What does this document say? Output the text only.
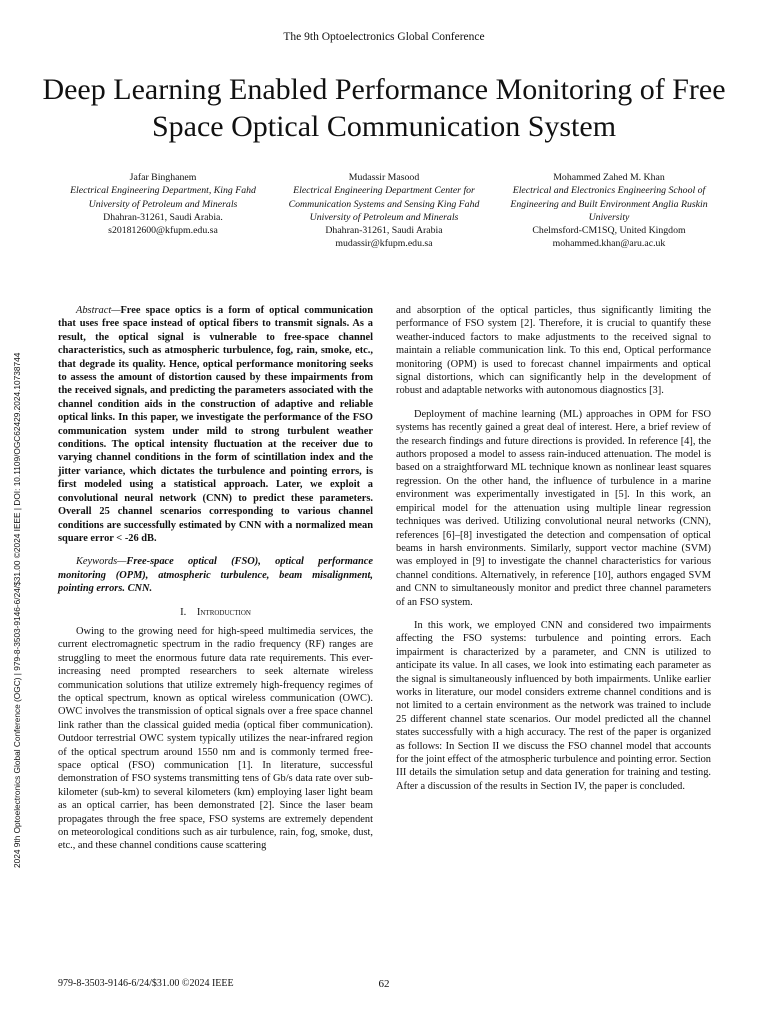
The 9th Optoelectronics Global Conference
Deep Learning Enabled Performance Monitoring of Free Space Optical Communication System
Jafar Binghanem
Electrical Engineering Department, King Fahd University of Petroleum and Minerals
Dhahran-31261, Saudi Arabia.
s201812600@kfupm.edu.sa
Mudassir Masood
Electrical Engineering Department Center for Communication Systems and Sensing King Fahd University of Petroleum and Minerals
Dhahran-31261, Saudi Arabia
mudassir@kfupm.edu.sa
Mohammed Zahed M. Khan
Electrical and Electronics Engineering School of Engineering and Built Environment Anglia Ruskin University
Chelmsford-CM1SQ, United Kingdom
mohammed.khan@aru.ac.uk

Abstract—Free space optics is a form of optical communication that uses free space instead of optical fibers to transmit signals. As a result, the optical signal is vulnerable to free-space channel characteristics, such as atmospheric turbulence, fog, rain, smoke, etc., that degrade its quality. Hence, optical performance monitoring seeks to assess the amount of distortion caused by these impairments from the received signals, and predicting the parameters associated with the channel condition aids in the construction of adaptive and reliable optical links. In this paper, we investigate the performance of the FSO communication system under mild to strong turbulent weather conditions. The optical intensity fluctuation at the receiver due to varying channel conditions in the form of scintillation index and the jitter variance, which dictates the turbulence and pointing errors, is first modeled using a statistical approach. Later, we exploit a convolutional neural network (CNN) to predict these parameters. Overall 25 channel scenarios corresponding to various channel conditions are successfully estimated by CNN with a normalized mean square error < -26 dB.

Keywords—Free-space optical (FSO), optical performance monitoring (OPM), atmospheric turbulence, beam misalignment, pointing errors. CNN.

I. Introduction

Owing to the growing need for high-speed multimedia services, the current electromagnetic spectrum in the radio frequency (RF) ranges are struggling to meet the enormous future data rate requirements. This ever-increasing need prompted researchers to seek alternate wireless communication solutions that utilize extremely high-frequency regimes of the optical spectrum, known as optical wireless communication (OWC). OWC involves the transmission of optical signals over a free space channel link rather than the classical guided media (optical fiber communication). Outdoor terrestrial OWC system typically utilizes the near-infrared region of the optical spectrum around 1550 nm and is commonly termed free-space optical (FSO) communication [1]. In literature, successful demonstration of FSO systems transmitting tens of Gb/s data rate over sub-kilometer (sub-km) to several kilometers (km) employing laser light beam as an optical carrier, has been demonstrated [2]. Since the laser beam propagates through the free space, FSO systems are extremely dependent on meteorological conditions such as air turbulence, rain, fog, smoke, dust, etc., and these channel conditions cause scattering

and absorption of the optical particles, thus significantly limiting the performance of FSO system [2]. Therefore, it is crucial to quantify these weather-induced factors to make adjustments to the received signal to maintain a reliable communication link. To this end, Optical performance monitoring (OPM) is used to forecast channel impairments and optical signal distortions, which can significantly help in the development of robust and adaptable networks with autonomous diagnostics [3].

Deployment of machine learning (ML) approaches in OPM for FSO systems has recently gained a great deal of interest. Here, a brief review of the research findings and future directions is provided. In reference [4], the authors proposed a model to assess rain-induced attenuation. The model is based on a straightforward ML technique known as nonlinear least squares regression. On the other hand, the influence of turbulence in a marine environment was experimentally investigated in [5]. In this work, an empirical model for the attenuation using multiple linear regression techniques was derived. Utilizing convolutional neural networks (CNN), references [6]–[8] investigated the detection and compensation of optical beams in harsh environments. Similarly, support vector machine (SVM) was employed in [9] to investigate the channel characteristics for various channel conditions. Alternatively, in reference [10], authors engaged SVM and CNN to simultaneously monitor and predict three channel parameters of an FSO system.

In this work, we employed CNN and considered two impairments affecting the FSO systems: turbulence and pointing errors. Each impairment is characterized by a parameter, and CNN is utilized to anticipate its value. In all cases, we look into estimating each parameter as the signal is simultaneously influenced by both impairments. Unlike earlier works in literature, our model considers extreme channel conditions and is not limited to a certain environment as the network was trained to include 25 different channel state scenarios. Our model predicted all the channel states successfully with a high accuracy. The rest of the paper is organized as follows: In Section II we discuss the FSO channel model that accounts for the joint effect of the atmospheric turbulence and pointing error. Section III details the simulation setup and data generation for training and testing. After a discussion of the results in Section IV, the paper is concluded.

2024 9th Optoelectronics Global Conference (OGC) | 979-8-3503-9146-6/24/$31.00 ©2024 IEEE | DOI: 10.1109/OGC62429.2024.10738744
979-8-3503-9146-6/24/$31.00 ©2024 IEEE	62
